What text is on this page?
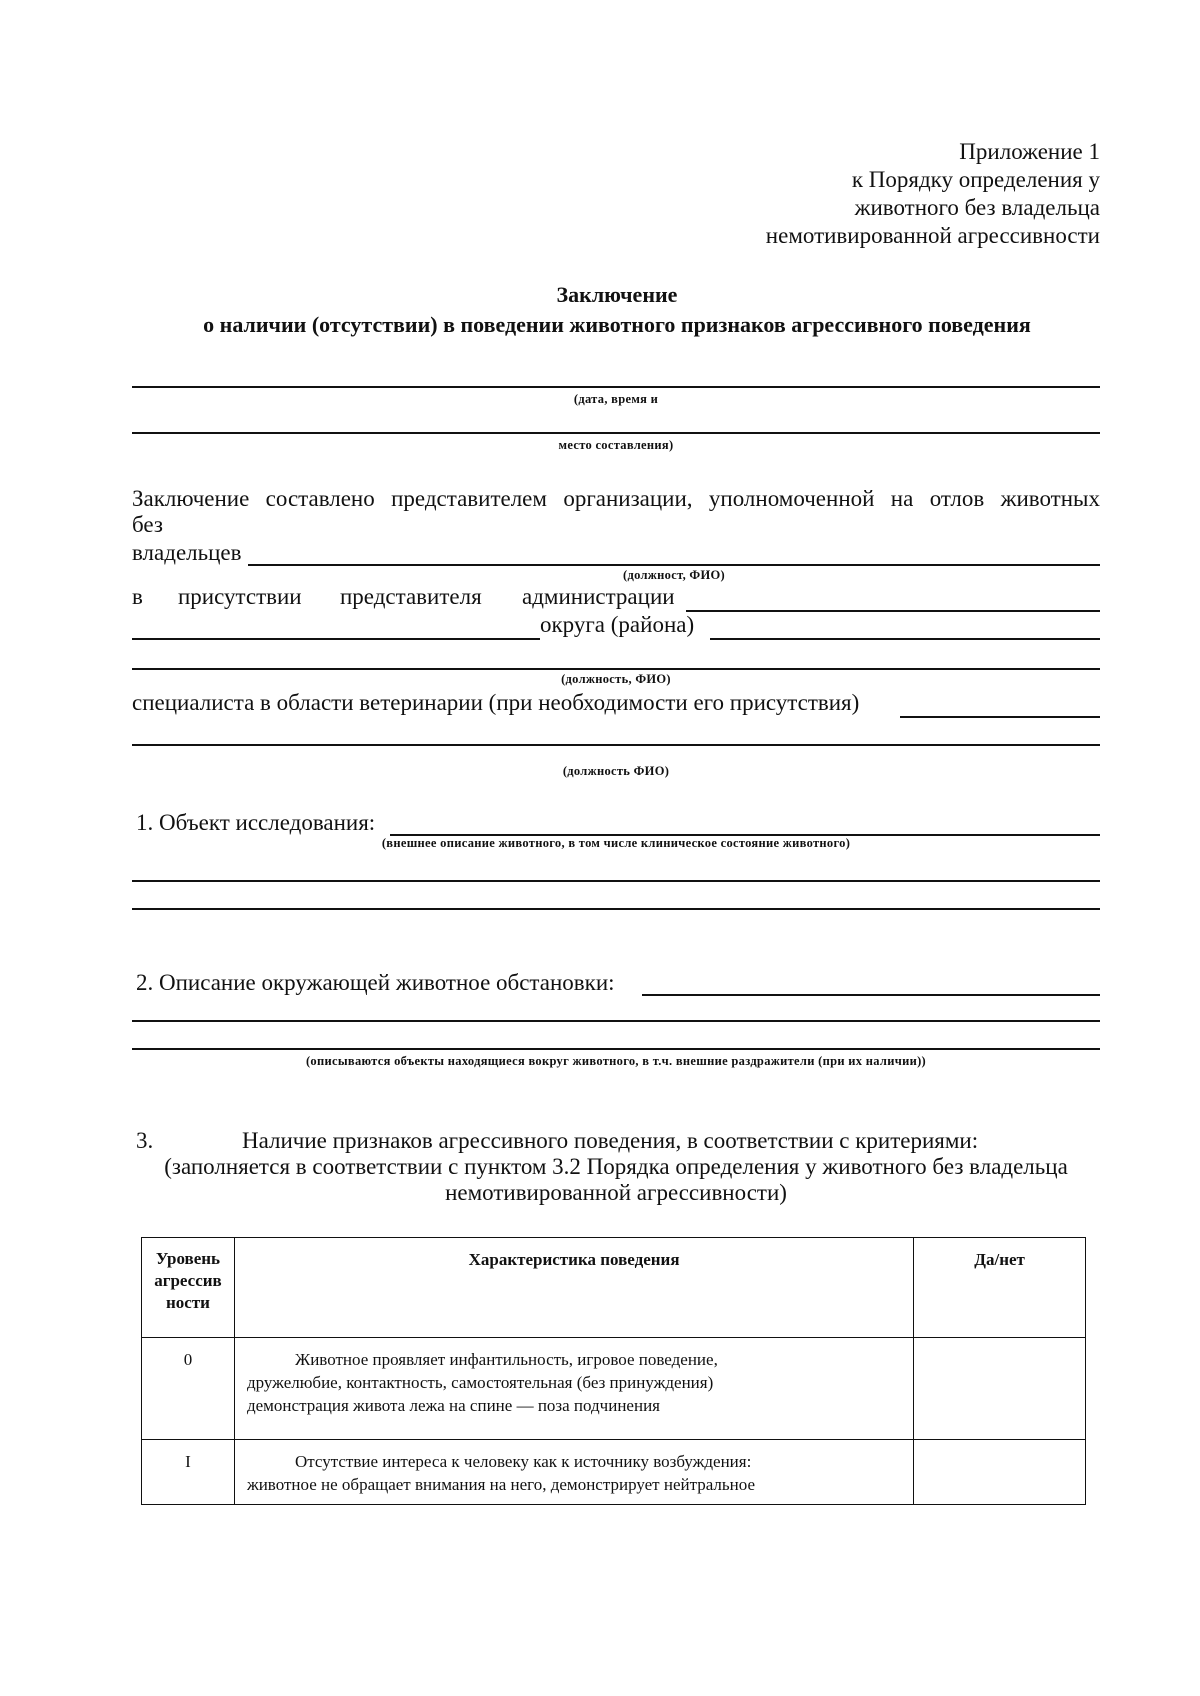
Приложение 1
к Порядку определения у
животного без владельца
немотивированной агрессивности
Заключение
о наличии (отсутствии) в поведении животного признаков агрессивного поведения
(дата, время и
место составления)
Заключение составлено представителем организации, уполномоченной на отлов животных
без
владельцев
(должност, ФИО)
в присутствии представителя администрации
округа (района)
(должность, ФИО)
специалиста в области ветеринарии (при необходимости его присутствия)
(должность ФИО)
1. Объект исследования:
(внешнее описание животного, в том числе клиническое состояние животного)
2. Описание окружающей животное обстановки:
(описываются объекты находящиеся вокруг животного, в т.ч. внешние раздражители (при их наличии))
3.	Наличие признаков агрессивного поведения, в соответствии с критериями:
(заполняется в соответствии с пунктом 3.2 Порядка определения у животного без владельца
немотивированной агрессивности)
Уровень агрессив ности	Характеристика поведения	Да/нет
0	Животное проявляет инфантильность, игровое поведение,
дружелюбие, контактность, самостоятельная (без принуждения)
демонстрация живота лежа на спине — поза подчинения	

I	Отсутствие интереса к человеку как к источнику возбуждения:
животное не обращает внимания на него, демонстрирует нейтральное	
